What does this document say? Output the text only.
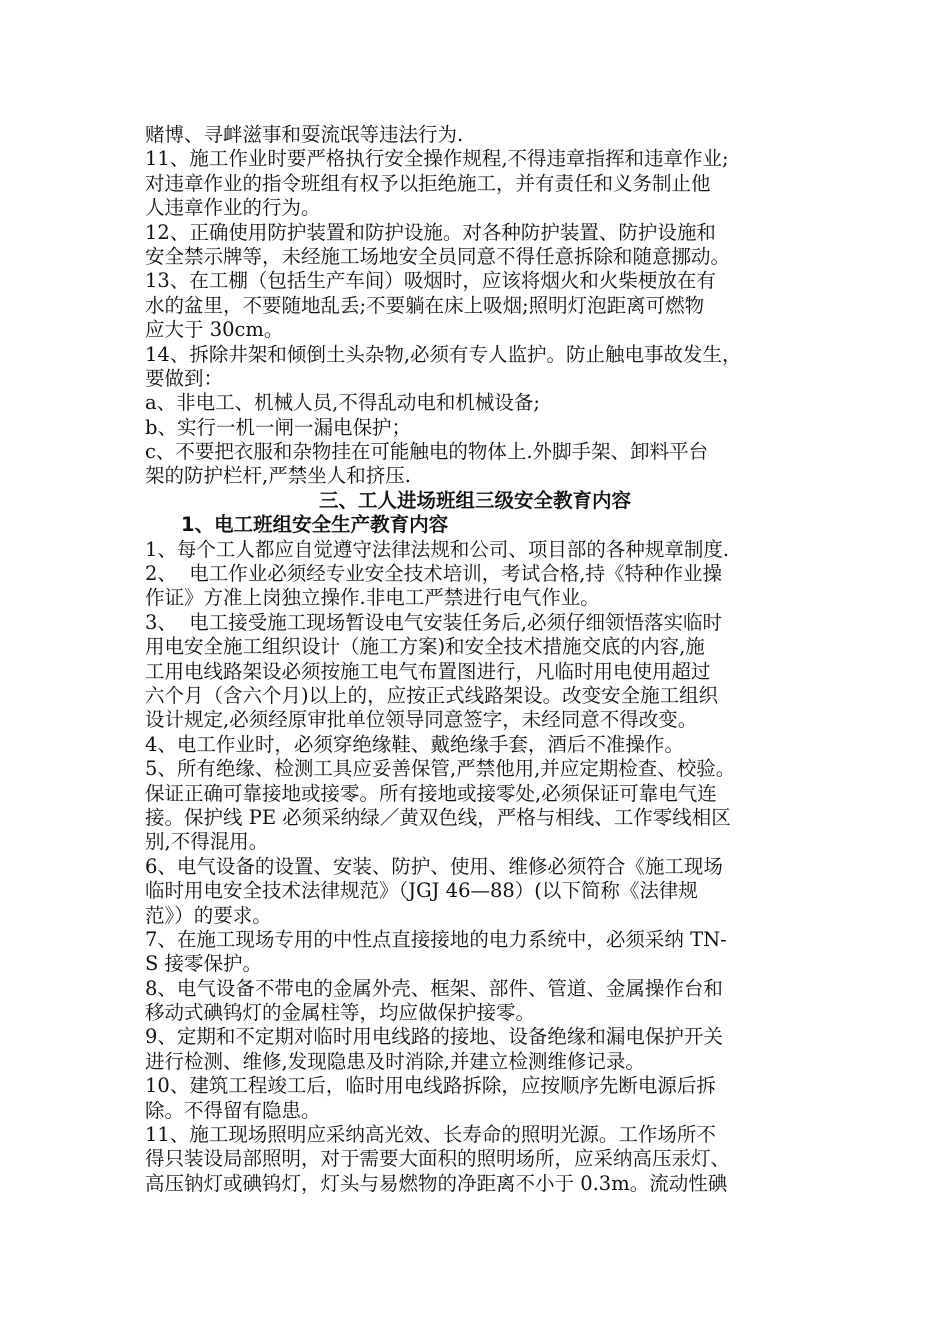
赌博、寻衅滋事和耍流氓等违法行为.
11、施工作业时要严格执行安全操作规程,不得违章指挥和违章作业;
对违章作业的指令班组有权予以拒绝施工，并有责任和义务制止他
人违章作业的行为。
12、正确使用防护装置和防护设施。对各种防护装置、防护设施和
安全禁示牌等，未经施工场地安全员同意不得任意拆除和随意挪动。
13、在工棚（包括生产车间）吸烟时，应该将烟火和火柴梗放在有
水的盆里，不要随地乱丢;不要躺在床上吸烟;照明灯泡距离可燃物
应大于 30cm。
14、拆除井架和倾倒土头杂物,必须有专人监护。防止触电事故发生，
要做到：
a、非电工、机械人员,不得乱动电和机械设备;
b、实行一机一闸一漏电保护；
c、不要把衣服和杂物挂在可能触电的物体上.外脚手架、卸料平台
架的防护栏杆,严禁坐人和挤压.
三、工人进场班组三级安全教育内容
1、电工班组安全生产教育内容
1、每个工人都应自觉遵守法律法规和公司、项目部的各种规章制度.
2、  电工作业必须经专业安全技术培训，考试合格,持《特种作业操
作证》方准上岗独立操作.非电工严禁进行电气作业。
3、  电工接受施工现场暂设电气安装任务后,必须仔细领悟落实临时
用电安全施工组织设计（施工方案)和安全技术措施交底的内容,施
工用电线路架设必须按施工电气布置图进行，凡临时用电使用超过
六个月（含六个月)以上的，应按正式线路架设。改变安全施工组织
设计规定,必须经原审批单位领导同意签字，未经同意不得改变。
4、电工作业时，必须穿绝缘鞋、戴绝缘手套，酒后不准操作。
5、所有绝缘、检测工具应妥善保管,严禁他用,并应定期检查、校验。
保证正确可靠接地或接零。所有接地或接零处,必须保证可靠电气连
接。保护线 PE 必须采纳绿／黄双色线，严格与相线、工作零线相区
别,不得混用。
6、电气设备的设置、安装、防护、使用、维修必须符合《施工现场
临时用电安全技术法律规范》（JGJ 46—88）(以下简称《法律规
范》）的要求。
7、在施工现场专用的中性点直接接地的电力系统中，必须采纳 TN-
S 接零保护。
8、电气设备不带电的金属外壳、框架、部件、管道、金属操作台和
移动式碘钨灯的金属柱等，均应做保护接零。
9、定期和不定期对临时用电线路的接地、设备绝缘和漏电保护开关
进行检测、维修,发现隐患及时消除,并建立检测维修记录。
10、建筑工程竣工后，临时用电线路拆除，应按顺序先断电源后拆
除。不得留有隐患。
11、施工现场照明应采纳高光效、长寿命的照明光源。工作场所不
得只装设局部照明，对于需要大面积的照明场所，应采纳高压汞灯、
高压钠灯或碘钨灯，灯头与易燃物的净距离不小于 0.3m。流动性碘
